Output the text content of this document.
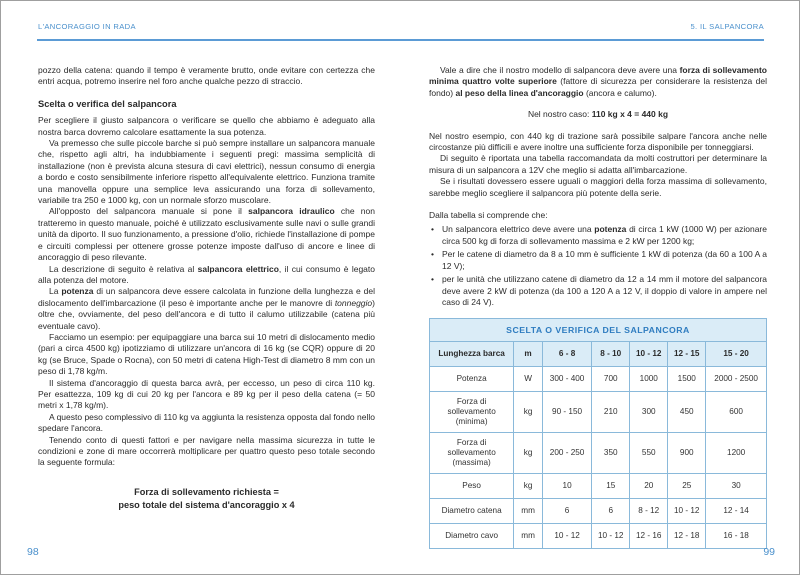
L'ANCORAGGIO IN RADA	5. IL SALPANCORA

pozzo della catena: quando il tempo è veramente brutto, onde evitare con certezza che entri acqua, potremo inserire nel foro anche qualche pezzo di straccio.

Scelta o verifica del salpancora

Per scegliere il giusto salpancora o verificare se quello che abbiamo è adeguato alla nostra barca dovremo calcolare esattamente la sua potenza.

Va premesso che sulle piccole barche si può sempre installare un salpancora manuale che, rispetto agli altri, ha indubbiamente i seguenti pregi: massima semplicità di installazione (non è prevista alcuna stesura di cavi elettrici), nessun consumo di energia a bordo e costo sensibilmente inferiore rispetto all'equivalente elettrico. Funziona tramite una manovella oppure una semplice leva assicurando una forza di sollevamento, variabile tra 250 e 1000 kg, con un normale sforzo muscolare.

All'opposto del salpancora manuale si pone il salpancora idraulico che non tratteremo in questo manuale, poiché è utilizzato esclusivamente sulle navi o sulle grandi unità da diporto. Il suo funzionamento, a pressione d'olio, richiede l'installazione di pompe e circuiti complessi per ottenere grosse potenze imposte dall'uso di ancore e linee di ancoraggio di peso rilevante.

La descrizione di seguito è relativa al salpancora elettrico, il cui consumo è legato alla potenza del motore.

La potenza di un salpancora deve essere calcolata in funzione della lunghezza e del dislocamento dell'imbarcazione (il peso è importante anche per le manovre di tonneggio) oltre che, ovviamente, del peso dell'ancora e di tutto il calumo utilizzabile (catena più eventuale cavo).

Facciamo un esempio: per equipaggiare una barca sui 10 metri di dislocamento medio (pari a circa 4500 kg) ipotizziamo di utilizzare un'ancora di 16 kg (se CQR) oppure di 20 kg (se Bruce, Spade o Rocna), con 50 metri di catena High-Test di diametro 8 mm con un peso di 1,78 kg/m.

Il sistema d'ancoraggio di questa barca avrà, per eccesso, un peso di circa 110 kg. Per esattezza, 109 kg di cui 20 kg per l'ancora e 89 kg per il peso della catena (= 50 metri x 1,78 kg/m).

A questo peso complessivo di 110 kg va aggiunta la resistenza opposta dal fondo nello spedare l'ancora.

Tenendo conto di questi fattori e per navigare nella massima sicurezza in tutte le condizioni e zone di mare occorrerà moltiplicare per quattro questo peso totale secondo la seguente formula:

Forza di sollevamento richiesta =
peso totale del sistema d'ancoraggio x 4

Vale a dire che il nostro modello di salpancora deve avere una forza di sollevamento minima quattro volte superiore (fattore di sicurezza per considerare la resistenza del fondo) al peso della linea d'ancoraggio (ancora e calumo).

Nel nostro caso: 110 kg x 4 = 440 kg

Nel nostro esempio, con 440 kg di trazione sarà possibile salpare l'ancora anche nelle circostanze più difficili e avere inoltre una sufficiente forza disponibile per tonneggiarsi.

Di seguito è riportata una tabella raccomandata da molti costruttori per determinare la misura di un salpancora a 12V che meglio si adatta all'imbarcazione.

Se i risultati dovessero essere uguali o maggiori della forza massima di sollevamento, sarebbe meglio scegliere il salpancora più potente della serie.

Dalla tabella si comprende che:

• Un salpancora elettrico deve avere una potenza di circa 1 kW (1000 W) per azionare circa 500 kg di forza di sollevamento massima e 2 kW per 1200 kg;
• Per le catene di diametro da 8 a 10 mm è sufficiente 1 kW di potenza (da 60 a 100 A a 12 V);
• per le unità che utilizzano catene di diametro da 12 a 14 mm il motore del salpancora deve avere 2 kW di potenza (da 100 a 120 A a 12 V, il doppio di valore in ampere nel caso di 24 V).
SCELTA O VERIFICA DEL SALPANCORA						
Lunghezza barca	m	6 - 8	8 - 10	10 - 12	12 - 15	15 - 20
Potenza	W	300 - 400	700	1000	1500	2000 - 2500
Forza di sollevamento (minima)	kg	90 - 150	210	300	450	600
Forza di sollevamento (massima)	kg	200 - 250	350	550	900	1200
Peso	kg	10	15	20	25	30
Diametro catena	mm	6	6	8 - 12	10 - 12	12 - 14
Diametro cavo	mm	10 - 12	10 - 12	12 - 16	12 - 18	16 - 18
98	99
